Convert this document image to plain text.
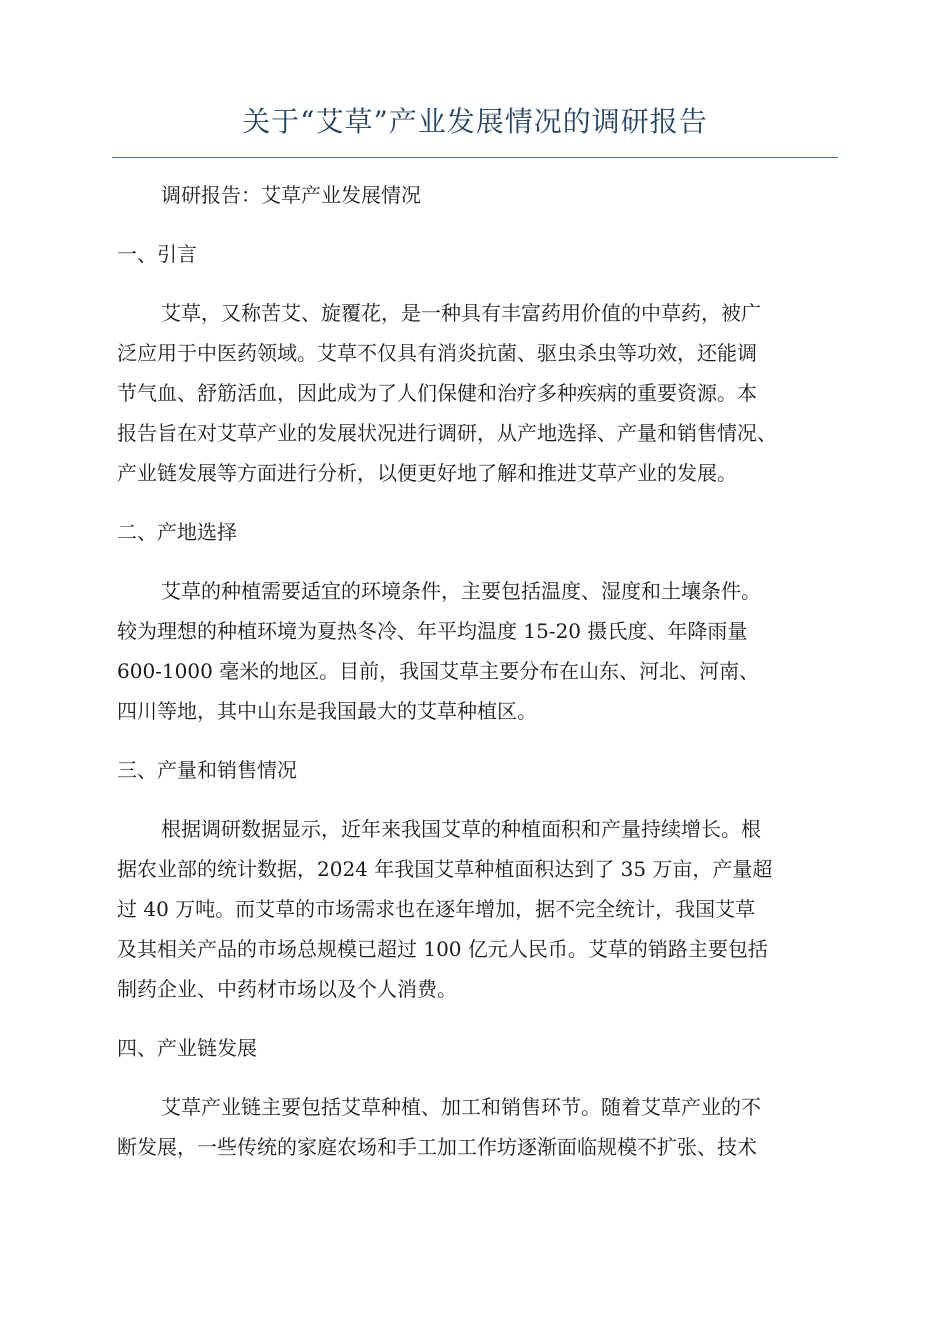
关于“艾草”产业发展情况的调研报告
调研报告：艾草产业发展情况
一、引言
艾草，又称苦艾、旋覆花，是一种具有丰富药用价值的中草药，被广
泛应用于中医药领域。艾草不仅具有消炎抗菌、驱虫杀虫等功效，还能调
节气血、舒筋活血，因此成为了人们保健和治疗多种疾病的重要资源。本
报告旨在对艾草产业的发展状况进行调研，从产地选择、产量和销售情况、
产业链发展等方面进行分析，以便更好地了解和推进艾草产业的发展。
二、产地选择
艾草的种植需要适宜的环境条件，主要包括温度、湿度和土壤条件。
较为理想的种植环境为夏热冬冷、年平均温度 15-20 摄氏度、年降雨量
600-1000 毫米的地区。目前，我国艾草主要分布在山东、河北、河南、
四川等地，其中山东是我国最大的艾草种植区。
三、产量和销售情况
根据调研数据显示，近年来我国艾草的种植面积和产量持续增长。根
据农业部的统计数据，2024 年我国艾草种植面积达到了 35 万亩，产量超
过 40 万吨。而艾草的市场需求也在逐年增加，据不完全统计，我国艾草
及其相关产品的市场总规模已超过 100 亿元人民币。艾草的销路主要包括
制药企业、中药材市场以及个人消费。
四、产业链发展
艾草产业链主要包括艾草种植、加工和销售环节。随着艾草产业的不
断发展，一些传统的家庭农场和手工加工作坊逐渐面临规模不扩张、技术
